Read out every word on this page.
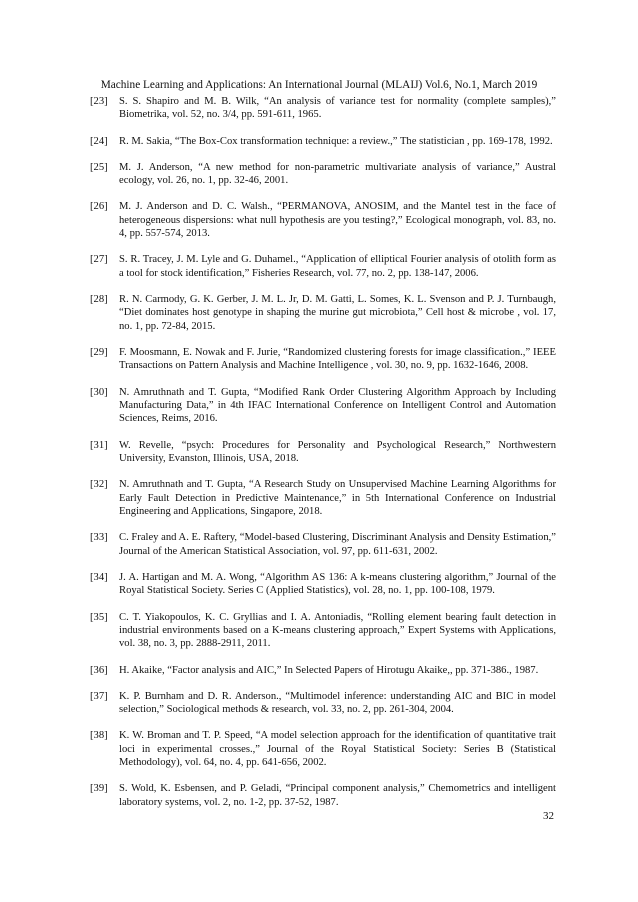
Machine Learning and Applications: An International Journal (MLAIJ) Vol.6, No.1, March 2019
[23] S. S. Shapiro and M. B. Wilk, “An analysis of variance test for normality (complete samples),” Biometrika, vol. 52, no. 3/4, pp. 591-611, 1965.
[24] R. M. Sakia, “The Box-Cox transformation technique: a review.,” The statistician , pp. 169-178, 1992.
[25] M. J. Anderson, “A new method for non-parametric multivariate analysis of variance,” Austral ecology, vol. 26, no. 1, pp. 32-46, 2001.
[26] M. J. Anderson and D. C. Walsh., “PERMANOVA, ANOSIM, and the Mantel test in the face of heterogeneous dispersions: what null hypothesis are you testing?,” Ecological monograph, vol. 83, no. 4, pp. 557-574, 2013.
[27] S. R. Tracey, J. M. Lyle and G. Duhamel., “Application of elliptical Fourier analysis of otolith form as a tool for stock identification,” Fisheries Research, vol. 77, no. 2, pp. 138-147, 2006.
[28] R. N. Carmody, G. K. Gerber, J. M. L. Jr, D. M. Gatti, L. Somes, K. L. Svenson and P. J. Turnbaugh, “Diet dominates host genotype in shaping the murine gut microbiota,” Cell host & microbe , vol. 17, no. 1, pp. 72-84, 2015.
[29] F. Moosmann, E. Nowak and F. Jurie, “Randomized clustering forests for image classification.,” IEEE Transactions on Pattern Analysis and Machine Intelligence , vol. 30, no. 9, pp. 1632-1646, 2008.
[30] N. Amruthnath and T. Gupta, “Modified Rank Order Clustering Algorithm Approach by Including Manufacturing Data,” in 4th IFAC International Conference on Intelligent Control and Automation Sciences, Reims, 2016.
[31] W. Revelle, “psych: Procedures for Personality and Psychological Research,” Northwestern University, Evanston, Illinois, USA, 2018.
[32] N. Amruthnath and T. Gupta, “A Research Study on Unsupervised Machine Learning Algorithms for Early Fault Detection in Predictive Maintenance,” in 5th International Conference on Industrial Engineering and Applications, Singapore, 2018.
[33] C. Fraley and A. E. Raftery, “Model-based Clustering, Discriminant Analysis and Density Estimation,” Journal of the American Statistical Association, vol. 97, pp. 611-631, 2002.
[34] J. A. Hartigan and M. A. Wong, “Algorithm AS 136: A k-means clustering algorithm,” Journal of the Royal Statistical Society. Series C (Applied Statistics), vol. 28, no. 1, pp. 100-108, 1979.
[35] C. T. Yiakopoulos, K. C. Gryllias and I. A. Antoniadis, “Rolling element bearing fault detection in industrial environments based on a K-means clustering approach,” Expert Systems with Applications, vol. 38, no. 3, pp. 2888-2911, 2011.
[36] H. Akaike, “Factor analysis and AIC,” In Selected Papers of Hirotugu Akaike,, pp. 371-386., 1987.
[37] K. P. Burnham and D. R. Anderson., “Multimodel inference: understanding AIC and BIC in model selection,” Sociological methods & research, vol. 33, no. 2, pp. 261-304, 2004.
[38] K. W. Broman and T. P. Speed, “A model selection approach for the identification of quantitative trait loci in experimental crosses.,” Journal of the Royal Statistical Society: Series B (Statistical Methodology), vol. 64, no. 4, pp. 641-656, 2002.
[39] S. Wold, K. Esbensen, and P. Geladi, “Principal component analysis,” Chemometrics and intelligent laboratory systems, vol. 2, no. 1-2, pp. 37-52, 1987.
32
